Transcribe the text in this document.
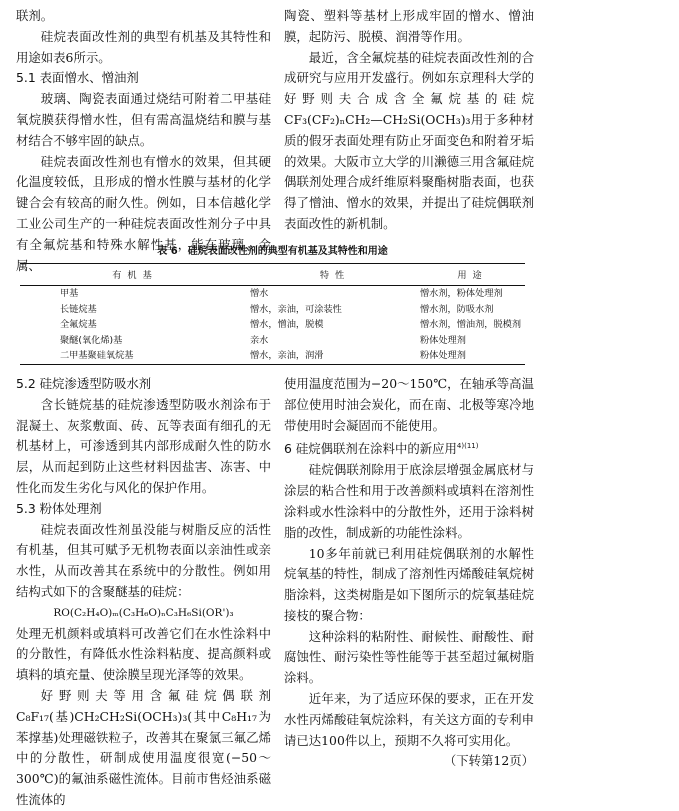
联剂。

硅烷表面改性剂的典型有机基及其特性和用途如表6所示。

5.1 表面憎水、憎油剂

玻璃、陶瓷表面通过烧结可附着二甲基硅氧烷膜获得憎水性，但有需高温烧结和膜与基材结合不够牢固的缺点。

硅烷表面改性剂也有憎水的效果，但其硬化温度较低，且形成的憎水性膜与基材的化学键合会有较高的耐久性。例如，日本信越化学工业公司生产的一种硅烷表面改性剂分子中具有全氟烷基和特殊水解性基，能在玻璃、金属、

陶瓷、塑料等基材上形成牢固的憎水、憎油膜，起防污、脱模、润滑等作用。

最近，含全氟烷基的硅烷表面改性剂的合成研究与应用开发盛行。例如东京理科大学的好野则夫合成含全氟烷基的硅烷CF₃(CF₂)ₙCH₂—CH₂Si(OCH₃)₃用于多种材质的假牙表面处理有防止牙面变色和附着牙垢的效果。大阪市立大学的川濑德三用含氟硅烷偶联剂处理合成纤维原料聚酯树脂表面，也获得了憎油、憎水的效果，并提出了硅烷偶联剂表面改性的新机制。

表 6　硅烷表面改性剂的典型有机基及其特性和用途
有机基	特性	用途
甲基	憎水	憎水剂，粉体处理剂
长链烷基	憎水，亲油，可涂装性	憎水剂，防吸水剂
全氟烷基	憎水，憎油，脱模	憎水剂，憎油剂，脱模剂
聚醚(氧化烯)基	亲水	粉体处理剂
二甲基聚硅氧烷基	憎水，亲油，润滑	粉体处理剂
5.2 硅烷渗透型防吸水剂

含长链烷基的硅烷渗透型防吸水剂涂布于混凝土、灰浆敷面、砖、瓦等表面有细孔的无机基材上，可渗透到其内部形成耐久性的防水层，从而起到防止这些材料因盐害、冻害、中性化而发生劣化与风化的保护作用。

5.3 粉体处理剂

硅烷表面改性剂虽没能与树脂反应的活性有机基，但其可赋予无机物表面以亲油性或亲水性，从而改善其在系统中的分散性。例如用结构式如下的含聚醚基的硅烷：

RO(C₂H₄O)ₘ(C₃H₆O)ₙC₃H₆Si(OR')₃

处理无机颜料或填料可改善它们在水性涂料中的分散性，有降低水性涂料粘度、提高颜料或填料的填充量、使涂膜呈现光泽等的效果。

好野则夫等用含氟硅烷偶联剂C₈F₁₇(基)CH₂CH₂Si(OCH₃)₃(其中C₈H₁₇为苯撑基)处理磁铁粒子，改善其在聚氯三氟乙烯中的分散性，研制成使用温度很宽(−50～300℃)的氟油系磁性流体。目前市售烃油系磁性流体的

使用温度范围为−20～150℃，在轴承等高温部位使用时油会炭化，而在南、北极等寒冷地带使用时会凝固而不能使用。

6 硅烷偶联剂在涂料中的新应用$^{4)(11)}$

硅烷偶联剂除用于底涂层增强金属底材与涂层的粘合性和用于改善颜料或填料在溶剂性涂料或水性涂料中的分散性外，还用于涂料树脂的改性，制成新的功能性涂料。

10多年前就已利用硅烷偶联剂的水解性烷氧基的特性，制成了溶剂性丙烯酸硅氧烷树脂涂料，这类树脂是如下图所示的烷氧基硅烷接枝的聚合物：

这种涂料的粘附性、耐候性、耐酸性、耐腐蚀性、耐污染性等性能等于甚至超过氟树脂涂料。

近年来，为了适应环保的要求，正在开发水性丙烯酸硅氧烷涂料，有关这方面的专利申请已达100件以上，预期不久将可实用化。

（下转第12页）
